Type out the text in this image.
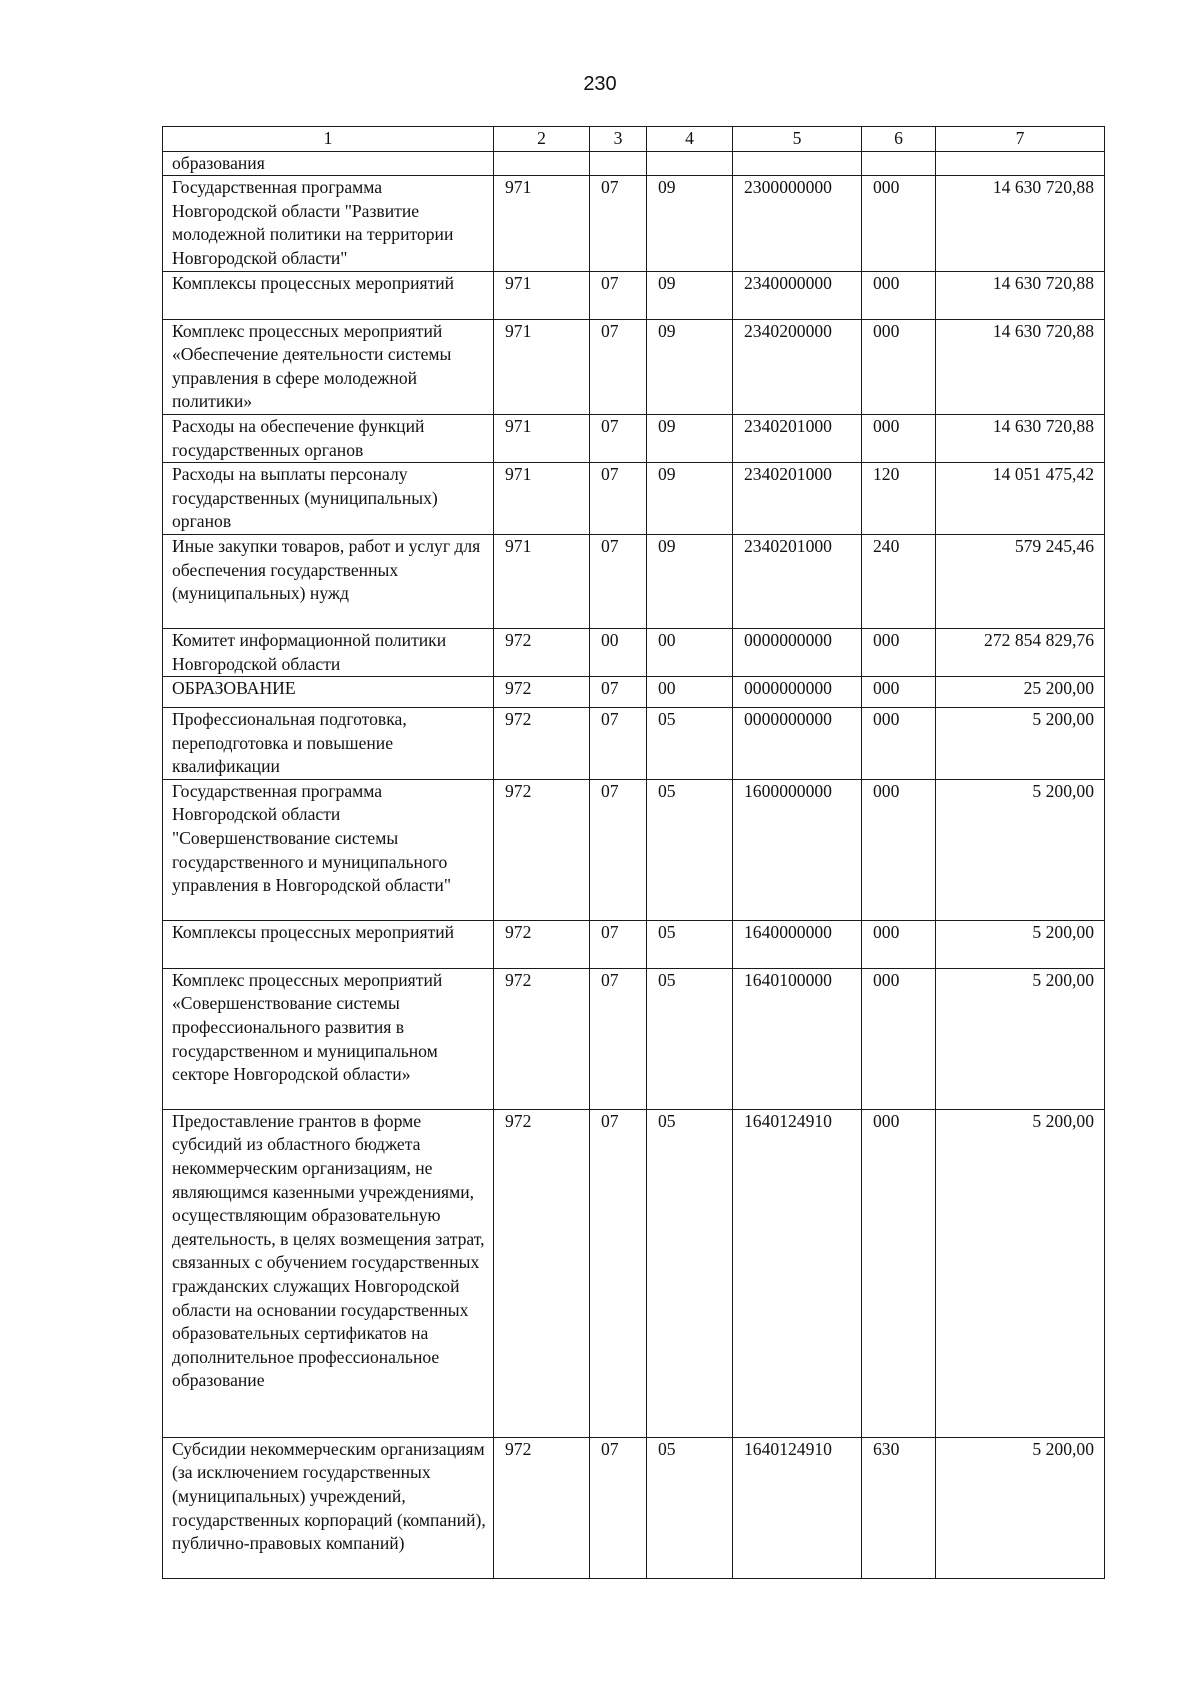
230
1	2	3	4	5	6	7
образования						
Государственная программа Новгородской области "Развитие молодежной политики на территории Новгородской области"	971	07	09	2300000000	000	14 630 720,88
Комплексы процессных мероприятий	971	07	09	2340000000	000	14 630 720,88
Комплекс процессных мероприятий «Обеспечение деятельности системы управления в сфере молодежной политики»	971	07	09	2340200000	000	14 630 720,88
Расходы на обеспечение функций государственных органов	971	07	09	2340201000	000	14 630 720,88
Расходы на выплаты персоналу государственных (муниципальных) органов	971	07	09	2340201000	120	14 051 475,42
Иные закупки товаров, работ и услуг для обеспечения государственных (муниципальных) нужд	971	07	09	2340201000	240	579 245,46
Комитет информационной политики Новгородской области	972	00	00	0000000000	000	272 854 829,76
ОБРАЗОВАНИЕ	972	07	00	0000000000	000	25 200,00
Профессиональная подготовка, переподготовка и повышение квалификации	972	07	05	0000000000	000	5 200,00
Государственная программа Новгородской области "Совершенствование системы государственного и муниципального управления в Новгородской области"	972	07	05	1600000000	000	5 200,00
Комплексы процессных мероприятий	972	07	05	1640000000	000	5 200,00
Комплекс процессных мероприятий «Совершенствование системы профессионального развития в государственном и муниципальном секторе Новгородской области»	972	07	05	1640100000	000	5 200,00
Предоставление грантов в форме субсидий из областного бюджета некоммерческим организациям, не являющимся казенными учреждениями, осуществляющим образовательную деятельность, в целях возмещения затрат, связанных с обучением государственных гражданских служащих Новгородской области на основании государственных образовательных сертификатов на дополнительное профессиональное образование	972	07	05	1640124910	000	5 200,00
Субсидии некоммерческим организациям (за исключением государственных (муниципальных) учреждений, государственных корпораций (компаний), публично-правовых компаний)	972	07	05	1640124910	630	5 200,00
